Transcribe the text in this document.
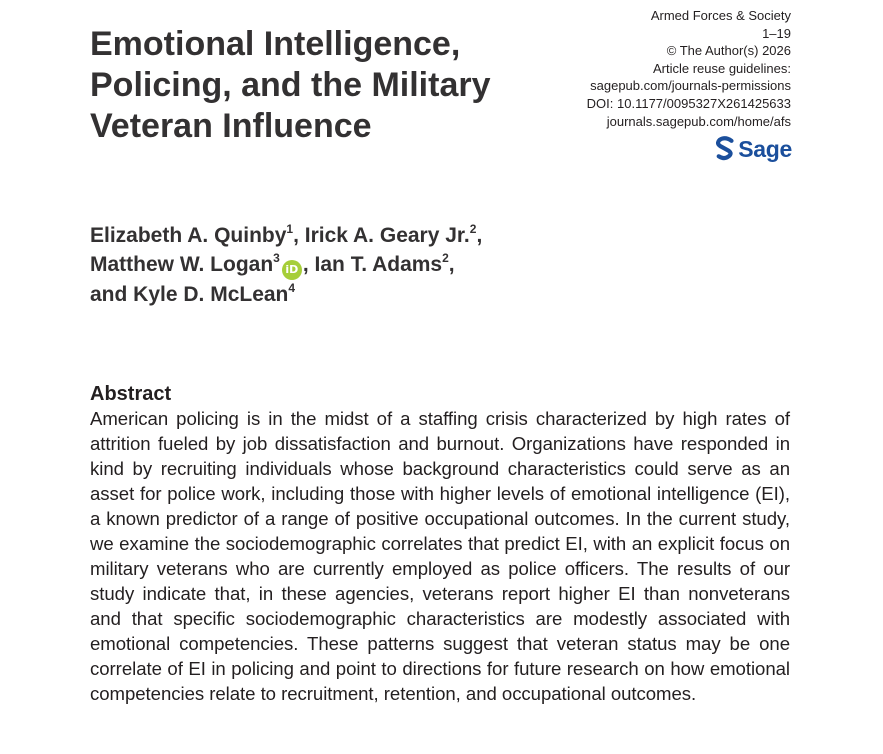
Emotional Intelligence,
Policing, and the Military
Veteran Influence
Armed Forces & Society
1–19
© The Author(s) 2026
Article reuse guidelines:
sagepub.com/journals-permissions
DOI: 10.1177/0095327X261425633
journals.sagepub.com/home/afs
Sage
Elizabeth A. Quinby$^1$, Irick A. Geary Jr.$^2$,
Matthew W. Logan$^3$iD , Ian T. Adams$^2$,
and Kyle D. McLean$^4$
Abstract

American policing is in the midst of a staffing crisis characterized by high rates of attrition fueled by job dissatisfaction and burnout. Organizations have responded in kind by recruiting individuals whose background characteristics could serve as an asset for police work, including those with higher levels of emotional intelligence (EI), a known predictor of a range of positive occupational outcomes. In the current study, we examine the sociodemographic correlates that predict EI, with an explicit focus on military veterans who are currently employed as police officers. The results of our study indicate that, in these agencies, veterans report higher EI than nonveterans and that specific sociodemographic characteristics are modestly associated with emotional competencies. These patterns suggest that veteran status may be one correlate of EI in policing and point to directions for future research on how emotional competencies relate to recruitment, retention, and occupational outcomes.
